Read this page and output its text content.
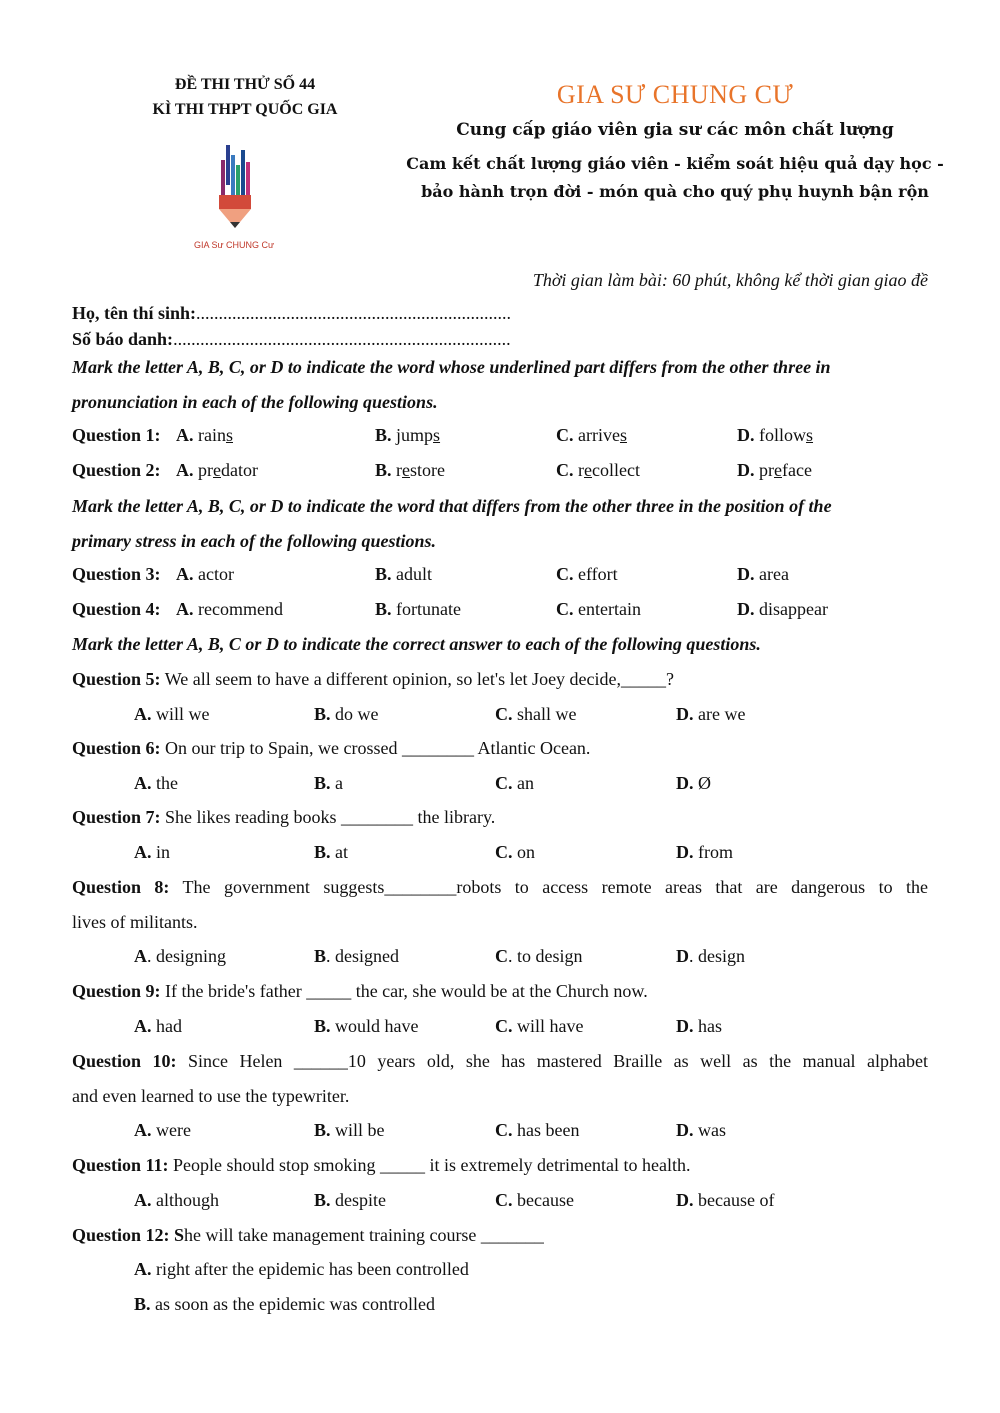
ĐỀ THI THỬ SỐ 44
KÌ THI THPT QUỐC GIA
GIA Sư CHUNG Cư
GIA SƯ CHUNG CƯ
Cung cấp giáo viên gia sư các môn chất lượng
Cam kết chất lượng giáo viên - kiểm soát hiệu quả dạy học -
bảo hành trọn đời - món quà cho quý phụ huynh bận rộn
Thời gian làm bài: 60 phút, không kể thời gian giao đề
Họ, tên thí sinh:......................................................................
Số báo danh:...........................................................................
Mark the letter A, B, C, or D to indicate the word whose underlined part differs from the other three in
pronunciation in each of the following questions.
Question 1: A. rains	B. jumps	C. arrives	D. follows
Question 2: A. predator	B. restore	C. recollect	D. preface
Mark the letter A, B, C, or D to indicate the word that differs from the other three in the position of the
primary stress in each of the following questions.
Question 3: A. actor	B. adult	C. effort	D. area
Question 4: A. recommend	B. fortunate	C. entertain	D. disappear
Mark the letter A, B, C or D to indicate the correct answer to each of the following questions.
Question 5: We all seem to have a different opinion, so let's let Joey decide,_____?
A. will we	B. do we	C. shall we	D. are we
Question 6: On our trip to Spain, we crossed ________ Atlantic Ocean.
A. the	B. a	C. an	D. Ø
Question 7: She likes reading books ________ the library.
A. in	B. at	C. on	D. from
Question 8: The government suggests________robots to access remote areas that are dangerous to the
lives of militants.
A. designing	B. designed	C. to design	D. design
Question 9: If the bride's father _____ the car, she would be at the Church now.
A. had	B. would have	C. will have	D. has
Question 10: Since Helen ______10 years old, she has mastered Braille as well as the manual alphabet
and even learned to use the typewriter.
A. were	B. will be	C. has been	D. was
Question 11: People should stop smoking _____ it is extremely detrimental to health.
A. although	B. despite	C. because	D. because of
Question 12: She will take management training course _______
A. right after the epidemic has been controlled
B. as soon as the epidemic was controlled
